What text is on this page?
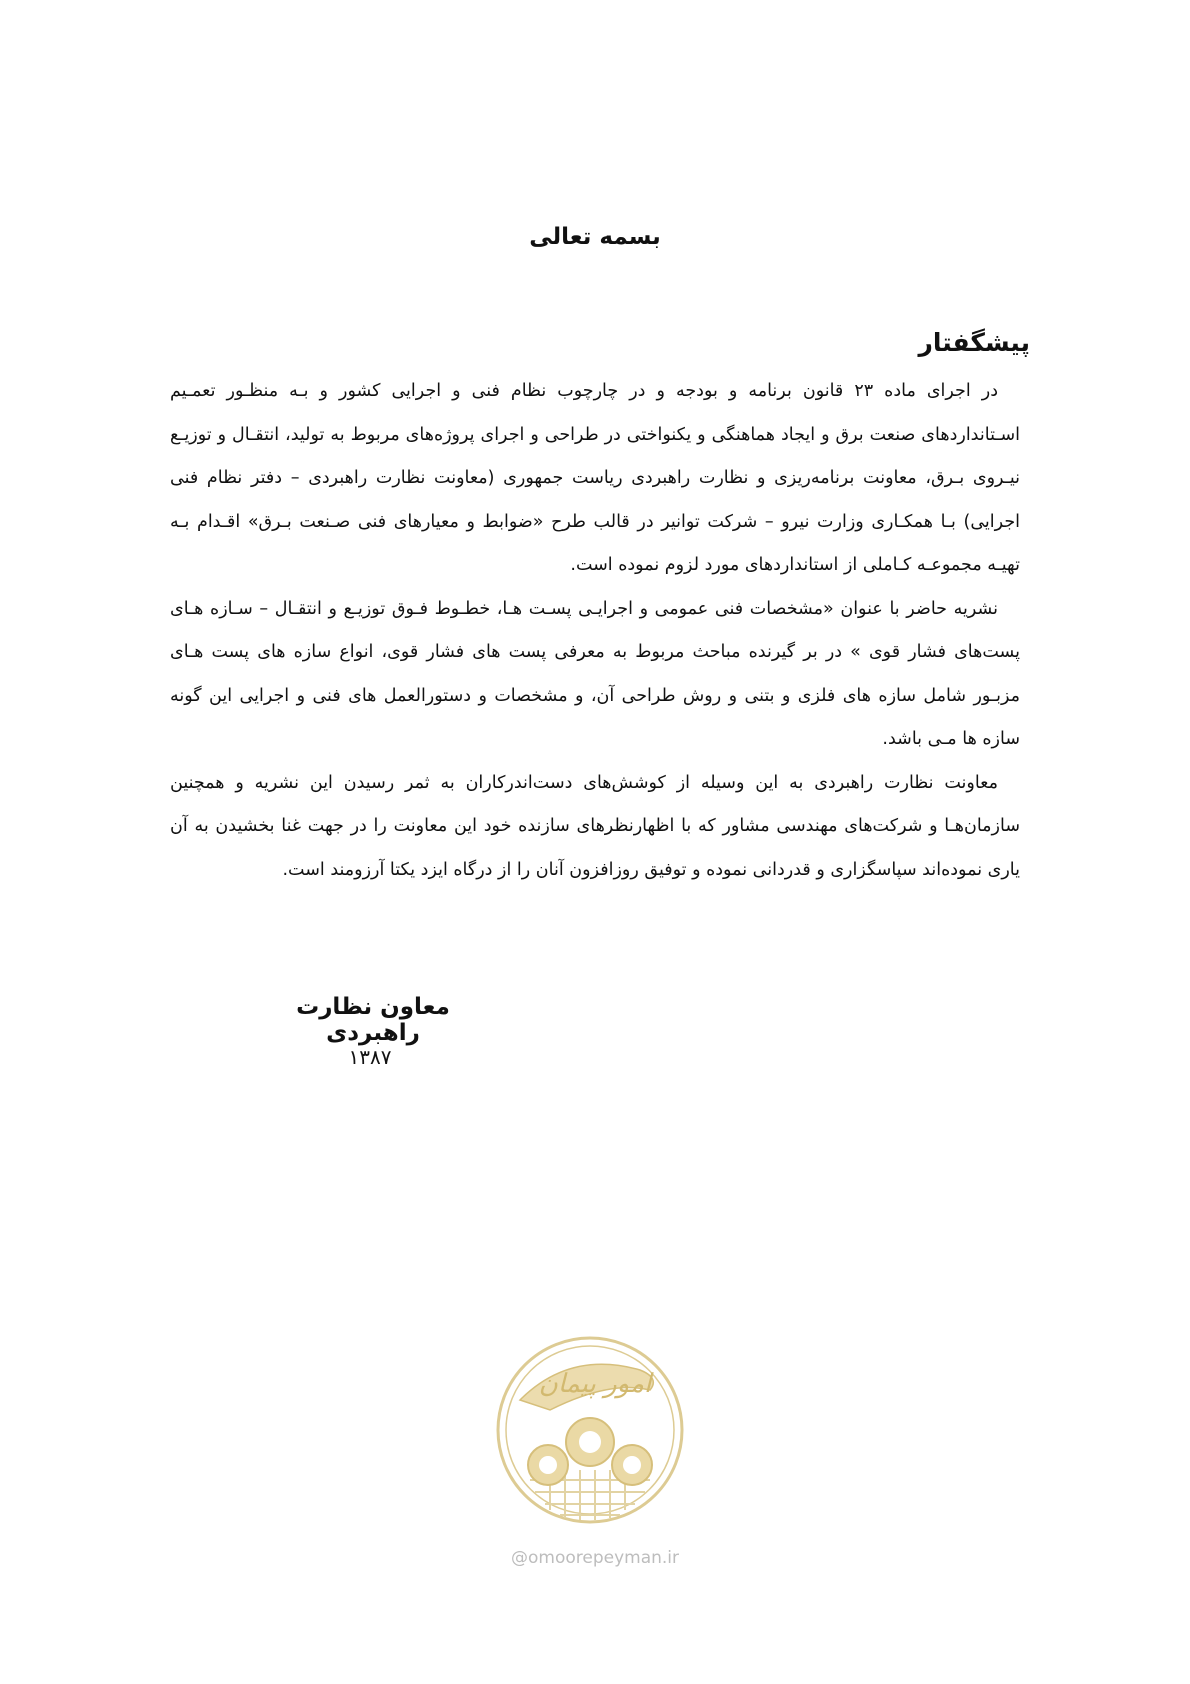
بسمه تعالی
پیشگفتار

در اجرای ماده ۲۳ قانون برنامه و بودجه و در چارچوب نظام فنی و اجرایی کشور و بـه منظـور تعمـیم اسـتانداردهای صنعت برق و ایجاد هماهنگی و یکنواختی در طراحی و اجرای پروژه‌های مربوط به تولید، انتقـال و توزیـع نیـروی بـرق، معاونت برنامه‌ریزی و نظارت راهبردی ریاست جمهوری (معاونت نظارت راهبردی – دفتر نظام فنی اجرایی) بـا همکـاری وزارت نیرو – شرکت توانیر در قالب طرح «ضوابط و معیارهای فنی صـنعت بـرق» اقـدام بـه تهیـه مجموعـه کـاملی از استانداردهای مورد لزوم نموده است.

نشریه حاضر با عنوان «مشخصات فنی عمومی و اجرایـی پسـت هـا، خطـوط فـوق توزیـع و انتقـال – سـازه هـای پست‌های فشار قوی » در بر گیرنده مباحث مربوط به معرفی پست های فشار قوی، انواع سازه های پست هـای مزبـور شامل سازه های فلزی و بتنی و روش طراحی آن، و مشخصات و دستورالعمل های فنی و اجرایی این گونه سازه ها مـی باشد.

معاونت نظارت راهبردی به این وسیله از کوشش‌های دست‌اندرکاران به ثمر رسیدن این نشریه و همچنین سازمان‌هـا و شرکت‌های مهندسی مشاور که با اظهارنظرهای سازنده خود این معاونت را در جهت غنا بخشیدن به آن یاری نموده‌اند سپاسگزاری و قدردانی نموده و توفیق روزافزون آنان را از درگاه ایزد یکتا آرزومند است.

معاون نظارت راهبردی
۱۳۸۷
امور پیمان
@omoorepeyman.ir
